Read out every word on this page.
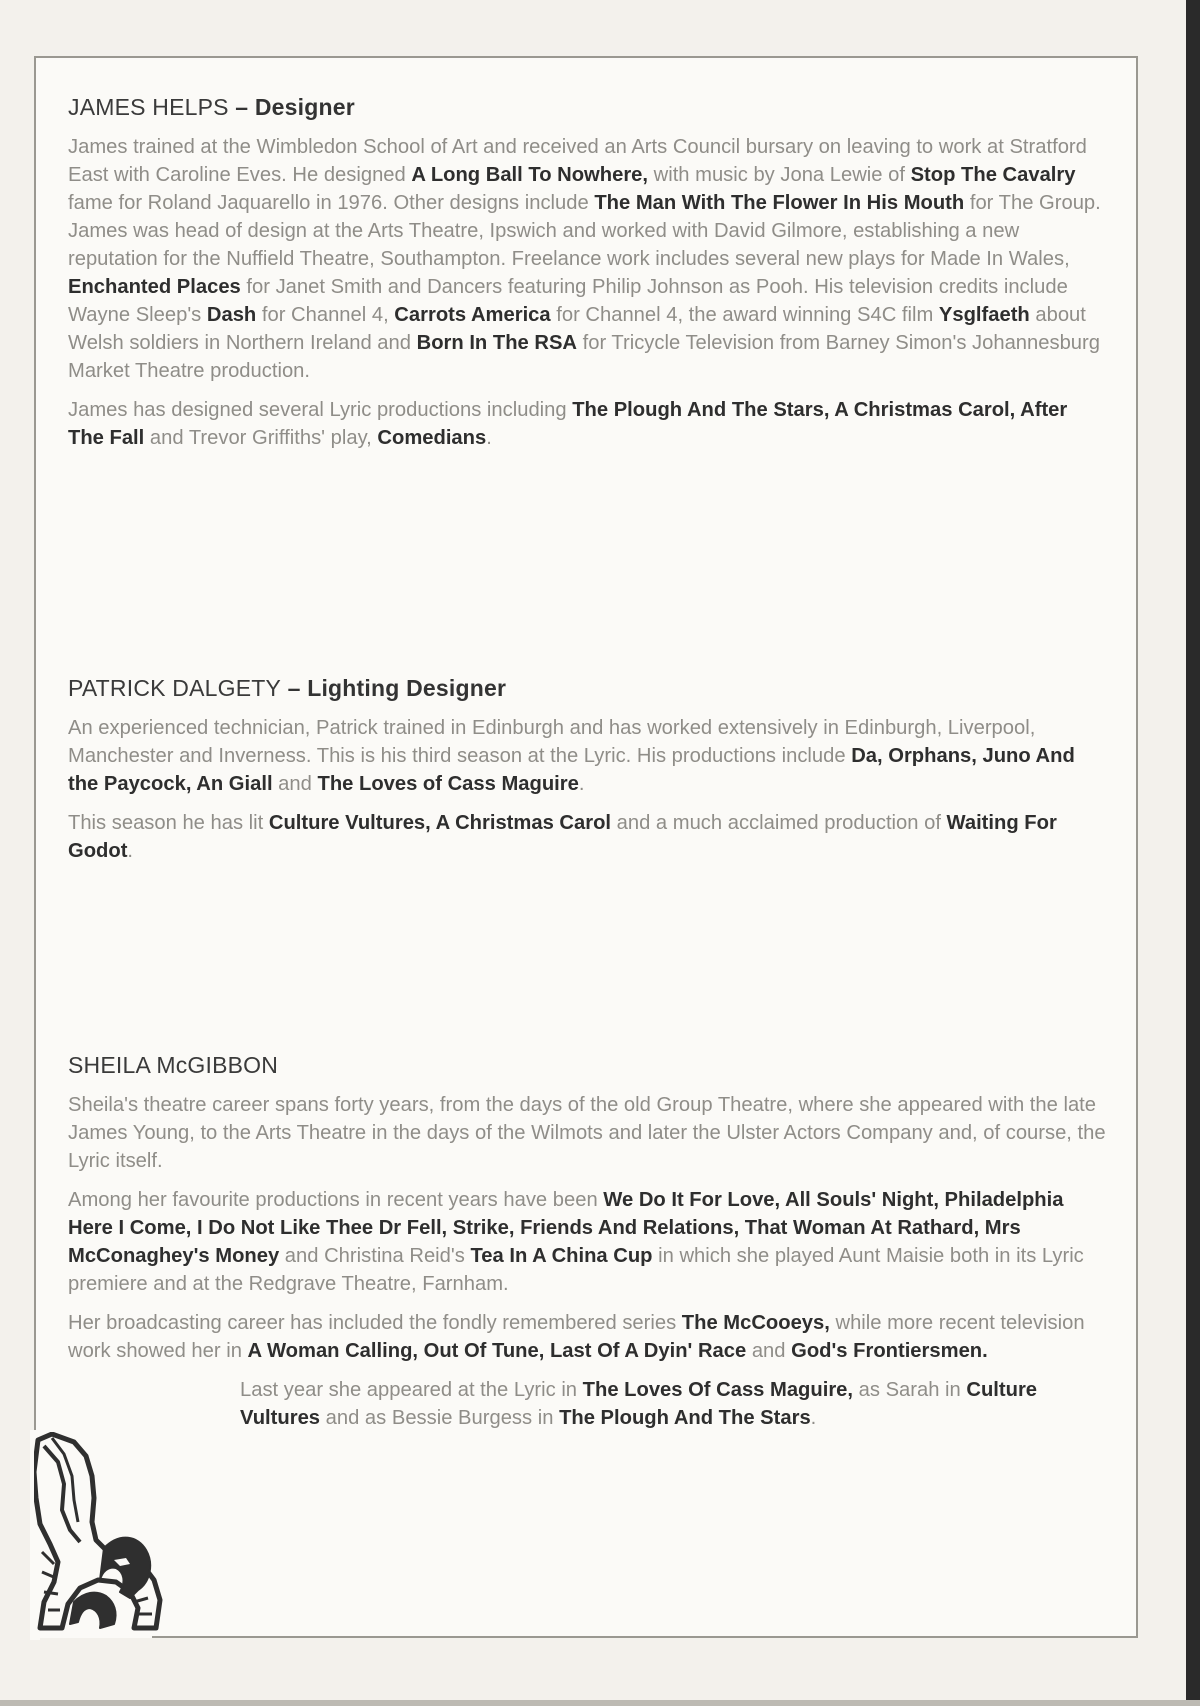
JAMES HELPS – Designer

James trained at the Wimbledon School of Art and received an Arts Council bursary on leaving to work at Stratford East with Caroline Eves. He designed A Long Ball To Nowhere, with music by Jona Lewie of Stop The Cavalry fame for Roland Jaquarello in 1976. Other designs include The Man With The Flower In His Mouth for The Group. James was head of design at the Arts Theatre, Ipswich and worked with David Gilmore, establishing a new reputation for the Nuffield Theatre, Southampton. Freelance work includes several new plays for Made In Wales, Enchanted Places for Janet Smith and Dancers featuring Philip Johnson as Pooh. His television credits include Wayne Sleep's Dash for Channel 4, Carrots America for Channel 4, the award winning S4C film Ysglfaeth about Welsh soldiers in Northern Ireland and Born In The RSA for Tricycle Television from Barney Simon's Johannesburg Market Theatre production.

James has designed several Lyric productions including The Plough And The Stars, A Christmas Carol, After The Fall and Trevor Griffiths' play, Comedians.

PATRICK DALGETY – Lighting Designer

An experienced technician, Patrick trained in Edinburgh and has worked extensively in Edinburgh, Liverpool, Manchester and Inverness. This is his third season at the Lyric. His productions include Da, Orphans, Juno And the Paycock, An Giall and The Loves of Cass Maguire.

This season he has lit Culture Vultures, A Christmas Carol and a much acclaimed production of Waiting For Godot.

SHEILA McGIBBON

Sheila's theatre career spans forty years, from the days of the old Group Theatre, where she appeared with the late James Young, to the Arts Theatre in the days of the Wilmots and later the Ulster Actors Company and, of course, the Lyric itself.

Among her favourite productions in recent years have been We Do It For Love, All Souls' Night, Philadelphia Here I Come, I Do Not Like Thee Dr Fell, Strike, Friends And Relations, That Woman At Rathard, Mrs McConaghey's Money and Christina Reid's Tea In A China Cup in which she played Aunt Maisie both in its Lyric premiere and at the Redgrave Theatre, Farnham.

Her broadcasting career has included the fondly remembered series The McCooeys, while more recent television work showed her in A Woman Calling, Out Of Tune, Last Of A Dyin' Race and God's Frontiersmen.

Last year she appeared at the Lyric in The Loves Of Cass Maguire, as Sarah in Culture Vultures and as Bessie Burgess in The Plough And The Stars.
